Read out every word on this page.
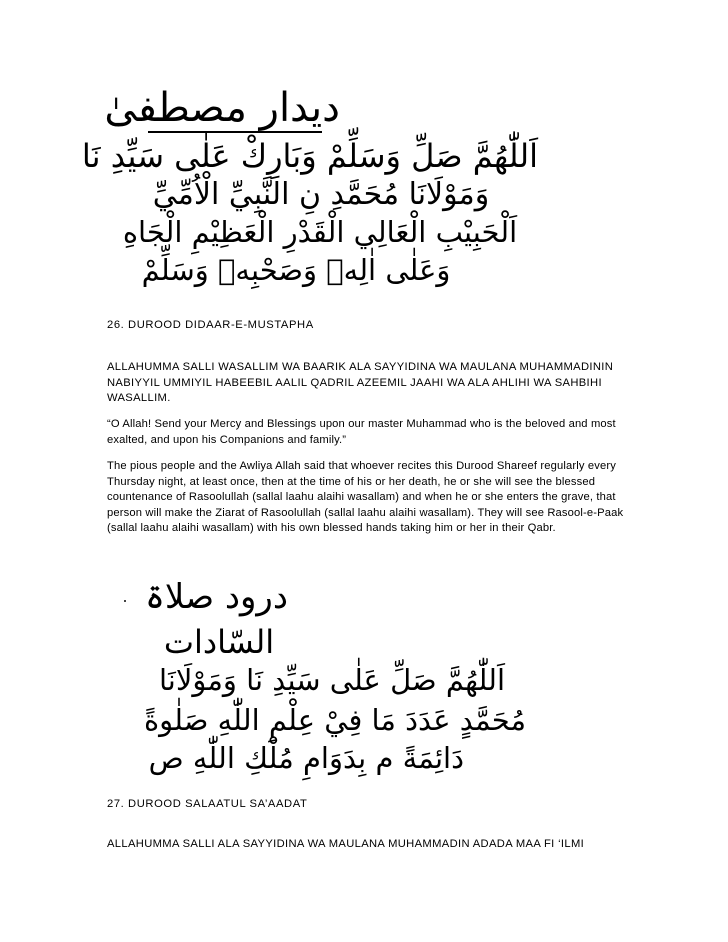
دیدار مصطفیٰ
اَللّٰهُمَّ صَلِّ وَسَلِّمْ وَبَارِكْ عَلٰى سَيِّدِ نَا
وَمَوْلَانَا مُحَمَّدِ نِ النَّبِيِّ الْاُمِّيِّ
اَلْحَبِيْبِ الْعَالِي الْقَدْرِ الْعَظِيْمِ الْجَاهِ
وَعَلٰى اٰلِهٖ وَصَحْبِهٖ وَسَلِّمْ
26. DUROOD DIDAAR-E-MUSTAPHA
ALLAHUMMA SALLI WASALLIM WA BAARIK ALA SAYYIDINA WA MAULANA MUHAMMADININ NABIYYIL UMMIYIL HABEEBIL AALIL QADRIL AZEEMIL JAAHI WA ALA AHLIHI WA SAHBIHI WASALLIM.
“O Allah! Send your Mercy and Blessings upon our master Muhammad who is the beloved and most exalted, and upon his Companions and family.”
The pious people and the Awliya Allah said that whoever recites this Durood Shareef regularly every Thursday night, at least once, then at the time of his or her death, he or she will see the blessed countenance of Rasoolullah (sallal laahu alaihi wasallam) and when he or she enters the grave, that person will make the Ziarat of Rasoolullah (sallal laahu alaihi wasallam). They will see Rasool-e-Paak (sallal laahu alaihi wasallam) with his own blessed hands taking him or her in their Qabr.
درود صلاۃ
السّادات
اَللّٰهُمَّ صَلِّ عَلٰى سَيِّدِ نَا وَمَوْلَانَا
مُحَمَّدٍ عَدَدَ مَا فِيْ عِلْمِ اللّٰهِ صَلٰوةً
دَائِمَةً م بِدَوَامِ مُلْكِ اللّٰهِ ص
27. DUROOD SALAATUL SA’AADAT
ALLAHUMMA SALLI ALA SAYYIDINA WA MAULANA MUHAMMADIN ADADA MAA FI ‘ILMI
